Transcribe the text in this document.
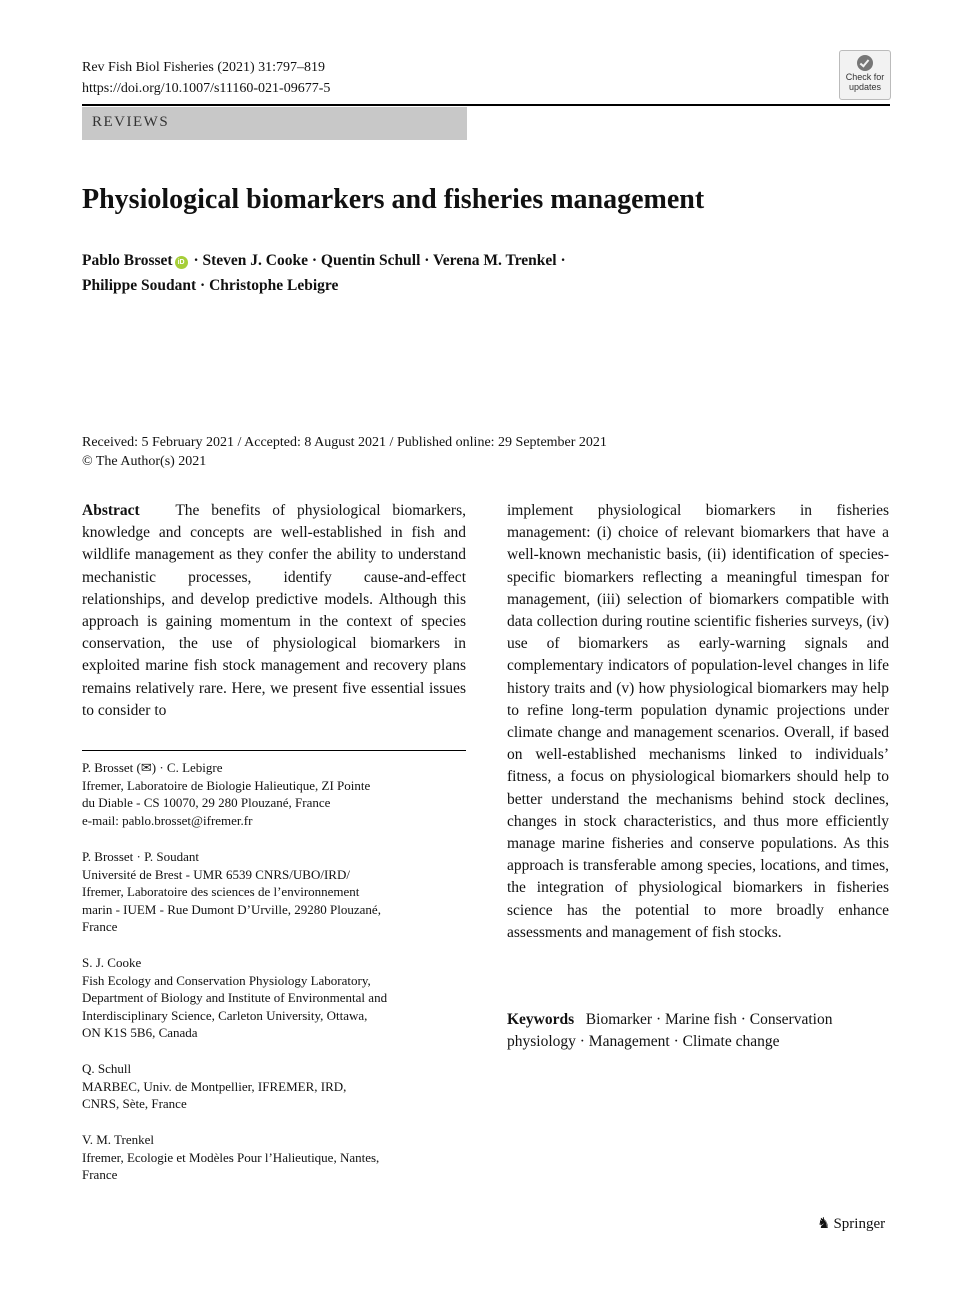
Rev Fish Biol Fisheries (2021) 31:797–819
https://doi.org/10.1007/s11160-021-09677-5
Check for
updates
REVIEWS
Physiological biomarkers and fisheries management
Pablo Brosset iD · Steven J. Cooke · Quentin Schull · Verena M. Trenkel ·
Philippe Soudant · Christophe Lebigre
Received: 5 February 2021 / Accepted: 8 August 2021 / Published online: 29 September 2021
© The Author(s) 2021
Abstract The benefits of physiological biomarkers, knowledge and concepts are well-established in fish and wildlife management as they confer the ability to understand mechanistic processes, identify cause-and-effect relationships, and develop predictive models. Although this approach is gaining momentum in the context of species conservation, the use of physiological biomarkers in exploited marine fish stock management and recovery plans remains relatively rare. Here, we present five essential issues to consider to
implement physiological biomarkers in fisheries management: (i) choice of relevant biomarkers that have a well-known mechanistic basis, (ii) identification of species-specific biomarkers reflecting a meaningful timespan for management, (iii) selection of biomarkers compatible with data collection during routine scientific fisheries surveys, (iv) use of biomarkers as early-warning signals and complementary indicators of population-level changes in life history traits and (v) how physiological biomarkers may help to refine long-term population dynamic projections under climate change and management scenarios. Overall, if based on well-established mechanisms linked to individuals’ fitness, a focus on physiological biomarkers should help to better understand the mechanisms behind stock declines, changes in stock characteristics, and thus more efficiently manage marine fisheries and conserve populations. As this approach is transferable among species, locations, and times, the integration of physiological biomarkers in fisheries science has the potential to more broadly enhance assessments and management of fish stocks.
Keywords Biomarker · Marine fish · Conservation physiology · Management · Climate change
P. Brosset (✉) · C. Lebigre
Ifremer, Laboratoire de Biologie Halieutique, ZI Pointe
du Diable - CS 10070, 29 280 Plouzané, France
e-mail: pablo.brosset@ifremer.fr
P. Brosset · P. Soudant
Université de Brest - UMR 6539 CNRS/UBO/IRD/
Ifremer, Laboratoire des sciences de l’environnement
marin - IUEM - Rue Dumont D’Urville, 29280 Plouzané,
France
S. J. Cooke
Fish Ecology and Conservation Physiology Laboratory,
Department of Biology and Institute of Environmental and
Interdisciplinary Science, Carleton University, Ottawa,
ON K1S 5B6, Canada
Q. Schull
MARBEC, Univ. de Montpellier, IFREMER, IRD,
CNRS, Sète, France
V. M. Trenkel
Ifremer, Ecologie et Modèles Pour l’Halieutique, Nantes,
France
♞ Springer
